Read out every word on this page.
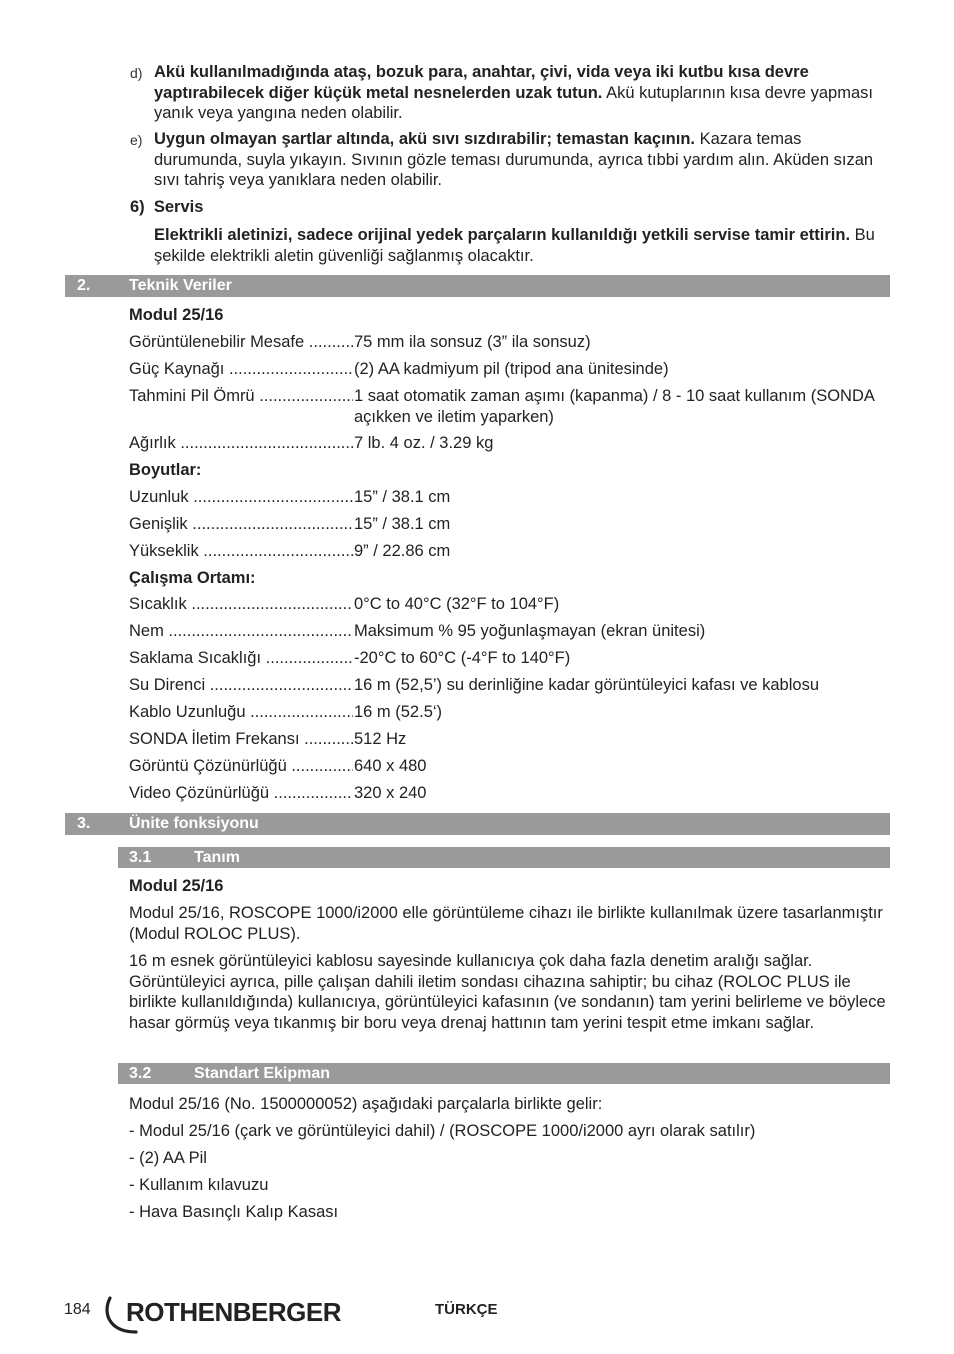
d) Akü kullanılmadığında ataş, bozuk para, anahtar, çivi, vida veya iki kutbu kısa devre yaptırabilecek diğer küçük metal nesnelerden uzak tutun. Akü kutuplarının kısa devre yapması yanık veya yangına neden olabilir.
e) Uygun olmayan şartlar altında, akü sıvı sızdırabilir; temastan kaçının. Kazara temas durumunda, suyla yıkayın. Sıvının gözle teması durumunda, ayrıca tıbbi yardım alın. Aküden sızan sıvı tahriş veya yanıklara neden olabilir.
6)  Servis
Elektrikli aletinizi, sadece orijinal yedek parçaların kullanıldığı yetkili servise tamir ettirin. Bu şekilde elektrikli aletin güvenliği sağlanmış olacaktır.
2. Teknik Veriler
Modul 25/16
Görüntülenebilir Mesafe .....	75 mm ila sonsuz (3” ila sonsuz)
Güç Kaynağı .....	(2) AA kadmiyum pil (tripod ana ünitesinde)
Tahmini Pil Ömrü .....	1 saat otomatik zaman aşımı (kapanma) / 8 - 10 saat kullanım (SONDA açıkken ve iletim yaparken)
Ağırlık .....	7 lb. 4 oz. / 3.29 kg
Boyutlar:
Uzunluk .....	15” / 38.1 cm
Genişlik .....	15” / 38.1 cm
Yükseklik .....	9” / 22.86 cm
Çalışma Ortamı:
Sıcaklık .....	0°C to 40°C (32°F to 104°F)
Nem .....	Maksimum % 95 yoğunlaşmayan (ekran ünitesi)
Saklama Sıcaklığı .....	-20°C to 60°C (-4°F to 140°F)
Su Direnci .....	16 m (52,5’) su derinliğine kadar görüntüleyici kafası ve kablosu
Kablo Uzunluğu .....	16 m (52.5‘)
SONDA İletim Frekansı .....	512 Hz
Görüntü Çözünürlüğü .....	640 x 480
Video Çözünürlüğü .....	320 x 240
3. Ünite fonksiyonu
3.1	Tanım
Modul 25/16
Modul 25/16, ROSCOPE 1000/i2000 elle görüntüleme cihazı ile birlikte kullanılmak üzere tasarlanmıştır (Modul ROLOC PLUS).
16 m esnek görüntüleyici kablosu sayesinde kullanıcıya çok daha fazla denetim aralığı sağlar. Görüntüleyici ayrıca, pille çalışan dahili iletim sondası cihazına sahiptir; bu cihaz (ROLOC PLUS ile birlikte kullanıldığında) kullanıcıya, görüntüleyici kafasının (ve sondanın) tam yerini belirleme ve böylece hasar görmüş veya tıkanmış bir boru veya drenaj hattının tam yerini tespit etme imkanı sağlar.
3.2	Standart Ekipman
Modul 25/16 (No. 1500000052) aşağıdaki parçalarla birlikte gelir:
- Modul 25/16 (çark ve görüntüleyici dahil) / (ROSCOPE 1000/i2000 ayrı olarak satılır)
- (2) AA Pil
- Kullanım kılavuzu
- Hava Basınçlı Kalıp Kasası
184 ROTHENBERGER	TÜRKÇE
